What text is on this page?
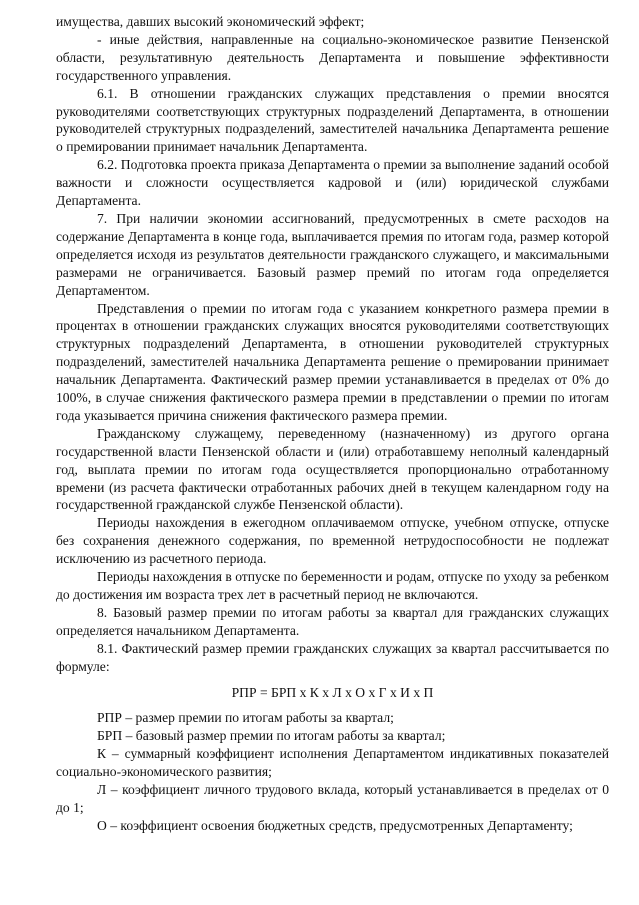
имущества, давших высокий экономический эффект;

- иные действия, направленные на социально-экономическое развитие Пензенской области, результативную деятельность Департамента и повышение эффективности государственного управления.

6.1. В отношении гражданских служащих представления о премии вносятся руководителями соответствующих структурных подразделений Департамента, в отношении руководителей структурных подразделений, заместителей начальника Департамента решение о премировании принимает начальник Департамента.

6.2. Подготовка проекта приказа Департамента о премии за выполнение заданий особой важности и сложности осуществляется кадровой и (или) юридической службами Департамента.

7. При наличии экономии ассигнований, предусмотренных в смете расходов на содержание Департамента в конце года, выплачивается премия по итогам года, размер которой определяется исходя из результатов деятельности гражданского служащего, и максимальными размерами не ограничивается. Базовый размер премий по итогам года определяется Департаментом.

Представления о премии по итогам года с указанием конкретного размера премии в процентах в отношении гражданских служащих вносятся руководителями соответствующих структурных подразделений Департамента, в отношении руководителей структурных подразделений, заместителей начальника Департамента решение о премировании принимает начальник Департамента. Фактический размер премии устанавливается в пределах от 0% до 100%, в случае снижения фактического размера премии в представлении о премии по итогам года указывается причина снижения фактического размера премии.

Гражданскому служащему, переведенному (назначенному) из другого органа государственной власти Пензенской области и (или) отработавшему неполный календарный год, выплата премии по итогам года осуществляется пропорционально отработанному времени (из расчета фактически отработанных рабочих дней в текущем календарном году на государственной гражданской службе Пензенской области).

Периоды нахождения в ежегодном оплачиваемом отпуске, учебном отпуске, отпуске без сохранения денежного содержания, по временной нетрудоспособности не подлежат исключению из расчетного периода.

Периоды нахождения в отпуске по беременности и родам, отпуске по уходу за ребенком до достижения им возраста трех лет в расчетный период не включаются.

8. Базовый размер премии по итогам работы за квартал для гражданских служащих определяется начальником Департамента.

8.1. Фактический размер премии гражданских служащих за квартал рассчитывается по формуле:

РПР = БРП х К х Л х О х Г х И х П

РПР – размер премии по итогам работы за квартал;

БРП – базовый размер премии по итогам работы за квартал;

К – суммарный коэффициент исполнения Департаментом индикативных показателей социально-экономического развития;

Л – коэффициент личного трудового вклада, который устанавливается в пределах от 0 до 1;

О – коэффициент освоения бюджетных средств, предусмотренных Департаменту;
